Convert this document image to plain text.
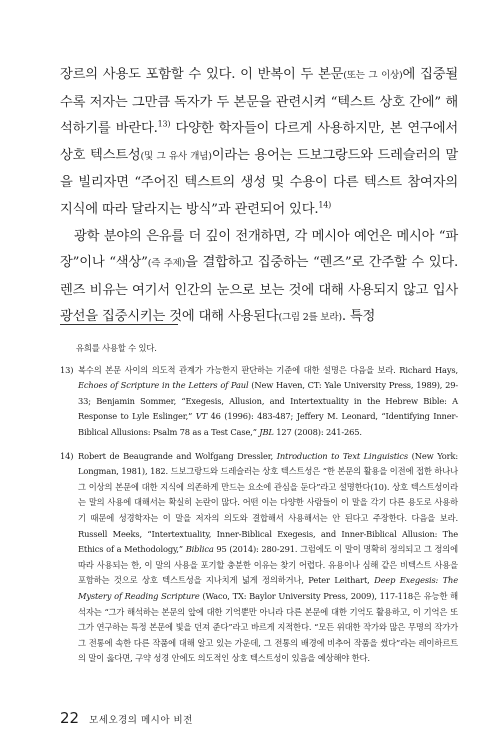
장르의 사용도 포함할 수 있다. 이 반복이 두 본문(또는 그 이상)에 집중될수록 저자는 그만큼 독자가 두 본문을 관련시켜 “텍스트 상호 간에” 해석하기를 바란다.$^{13)}$ 다양한 학자들이 다르게 사용하지만, 본 연구에서 상호 텍스트성(및 그 유사 개념)이라는 용어는 드보그랑드와 드레슬러의 말을 빌리자면 “주어진 텍스트의 생성 및 수용이 다른 텍스트 참여자의 지식에 따라 달라지는 방식”과 관련되어 있다.$^{14)}$

광학 분야의 은유를 더 깊이 전개하면, 각 메시아 예언은 메시아 “파장”이나 “색상”(즉 주제)을 결합하고 집중하는 “렌즈”로 간주할 수 있다. 렌즈 비유는 여기서 인간의 눈으로 보는 것에 대해 사용되지 않고 입사 광선을 집중시키는 것에 대해 사용된다(그림 2를 보라). 특정

유희를 사용할 수 있다.

13) 복수의 본문 사이의 의도적 관계가 가능한지 판단하는 기준에 대한 설명은 다음을 보라. Richard Hays, Echoes of Scripture in the Letters of Paul (New Haven, CT: Yale University Press, 1989), 29-33; Benjamin Sommer, “Exegesis, Allusion, and Intertextuality in the Hebrew Bible: A Response to Lyle Eslinger,” VT 46 (1996): 483-487; Jeffery M. Leonard, “Identifying Inner-Biblical Allusions: Psalm 78 as a Test Case,” JBL 127 (2008): 241-265.
14) Robert de Beaugrande and Wolfgang Dressler, Introduction to Text Linguistics (New York: Longman, 1981), 182. 드보그랑드와 드레슬러는 상호 텍스트성은 “한 본문의 활용을 이전에 접한 하나나 그 이상의 본문에 대한 지식에 의존하게 만드는 요소에 관심을 둔다”라고 설명한다(10). 상호 텍스트성이라는 말의 사용에 대해서는 확실히 논란이 많다. 어떤 이는 다양한 사람들이 이 말을 각기 다른 용도로 사용하기 때문에 성경학자는 이 말을 저자의 의도와 결합해서 사용해서는 안 된다고 주장한다. 다음을 보라. Russell Meeks, “Intertextuality, Inner-Biblical Exegesis, and Inner-Biblical Allusion: The Ethics of a Methodology,” Biblica 95 (2014): 280-291. 그럼에도 이 말이 명확히 정의되고 그 정의에 따라 사용되는 한, 이 말의 사용을 포기할 충분한 이유는 찾기 어렵다. 유용이나 심해 같은 비텍스트 사용을 포함하는 것으로 상호 텍스트성을 지나치게 넓게 정의하거나, Peter Leithart, Deep Exegesis: The Mystery of Reading Scripture (Waco, TX: Baylor University Press, 2009), 117-118은 유능한 해석자는 “그가 해석하는 본문의 앞에 대한 기억뿐만 아니라 다른 본문에 대한 기억도 활용하고, 이 기억은 또 그가 연구하는 특정 본문에 빛을 던져 준다”라고 바르게 지적한다. “모든 위대한 작가와 많은 무명의 작가가 그 전통에 속한 다른 작품에 대해 알고 있는 가운데, 그 전통의 배경에 비추어 작품을 썼다”라는 레이하르트의 말이 옳다면, 구약 성경 안에도 의도적인 상호 텍스트성이 있음을 예상해야 한다.
22 모세오경의 메시아 비전
